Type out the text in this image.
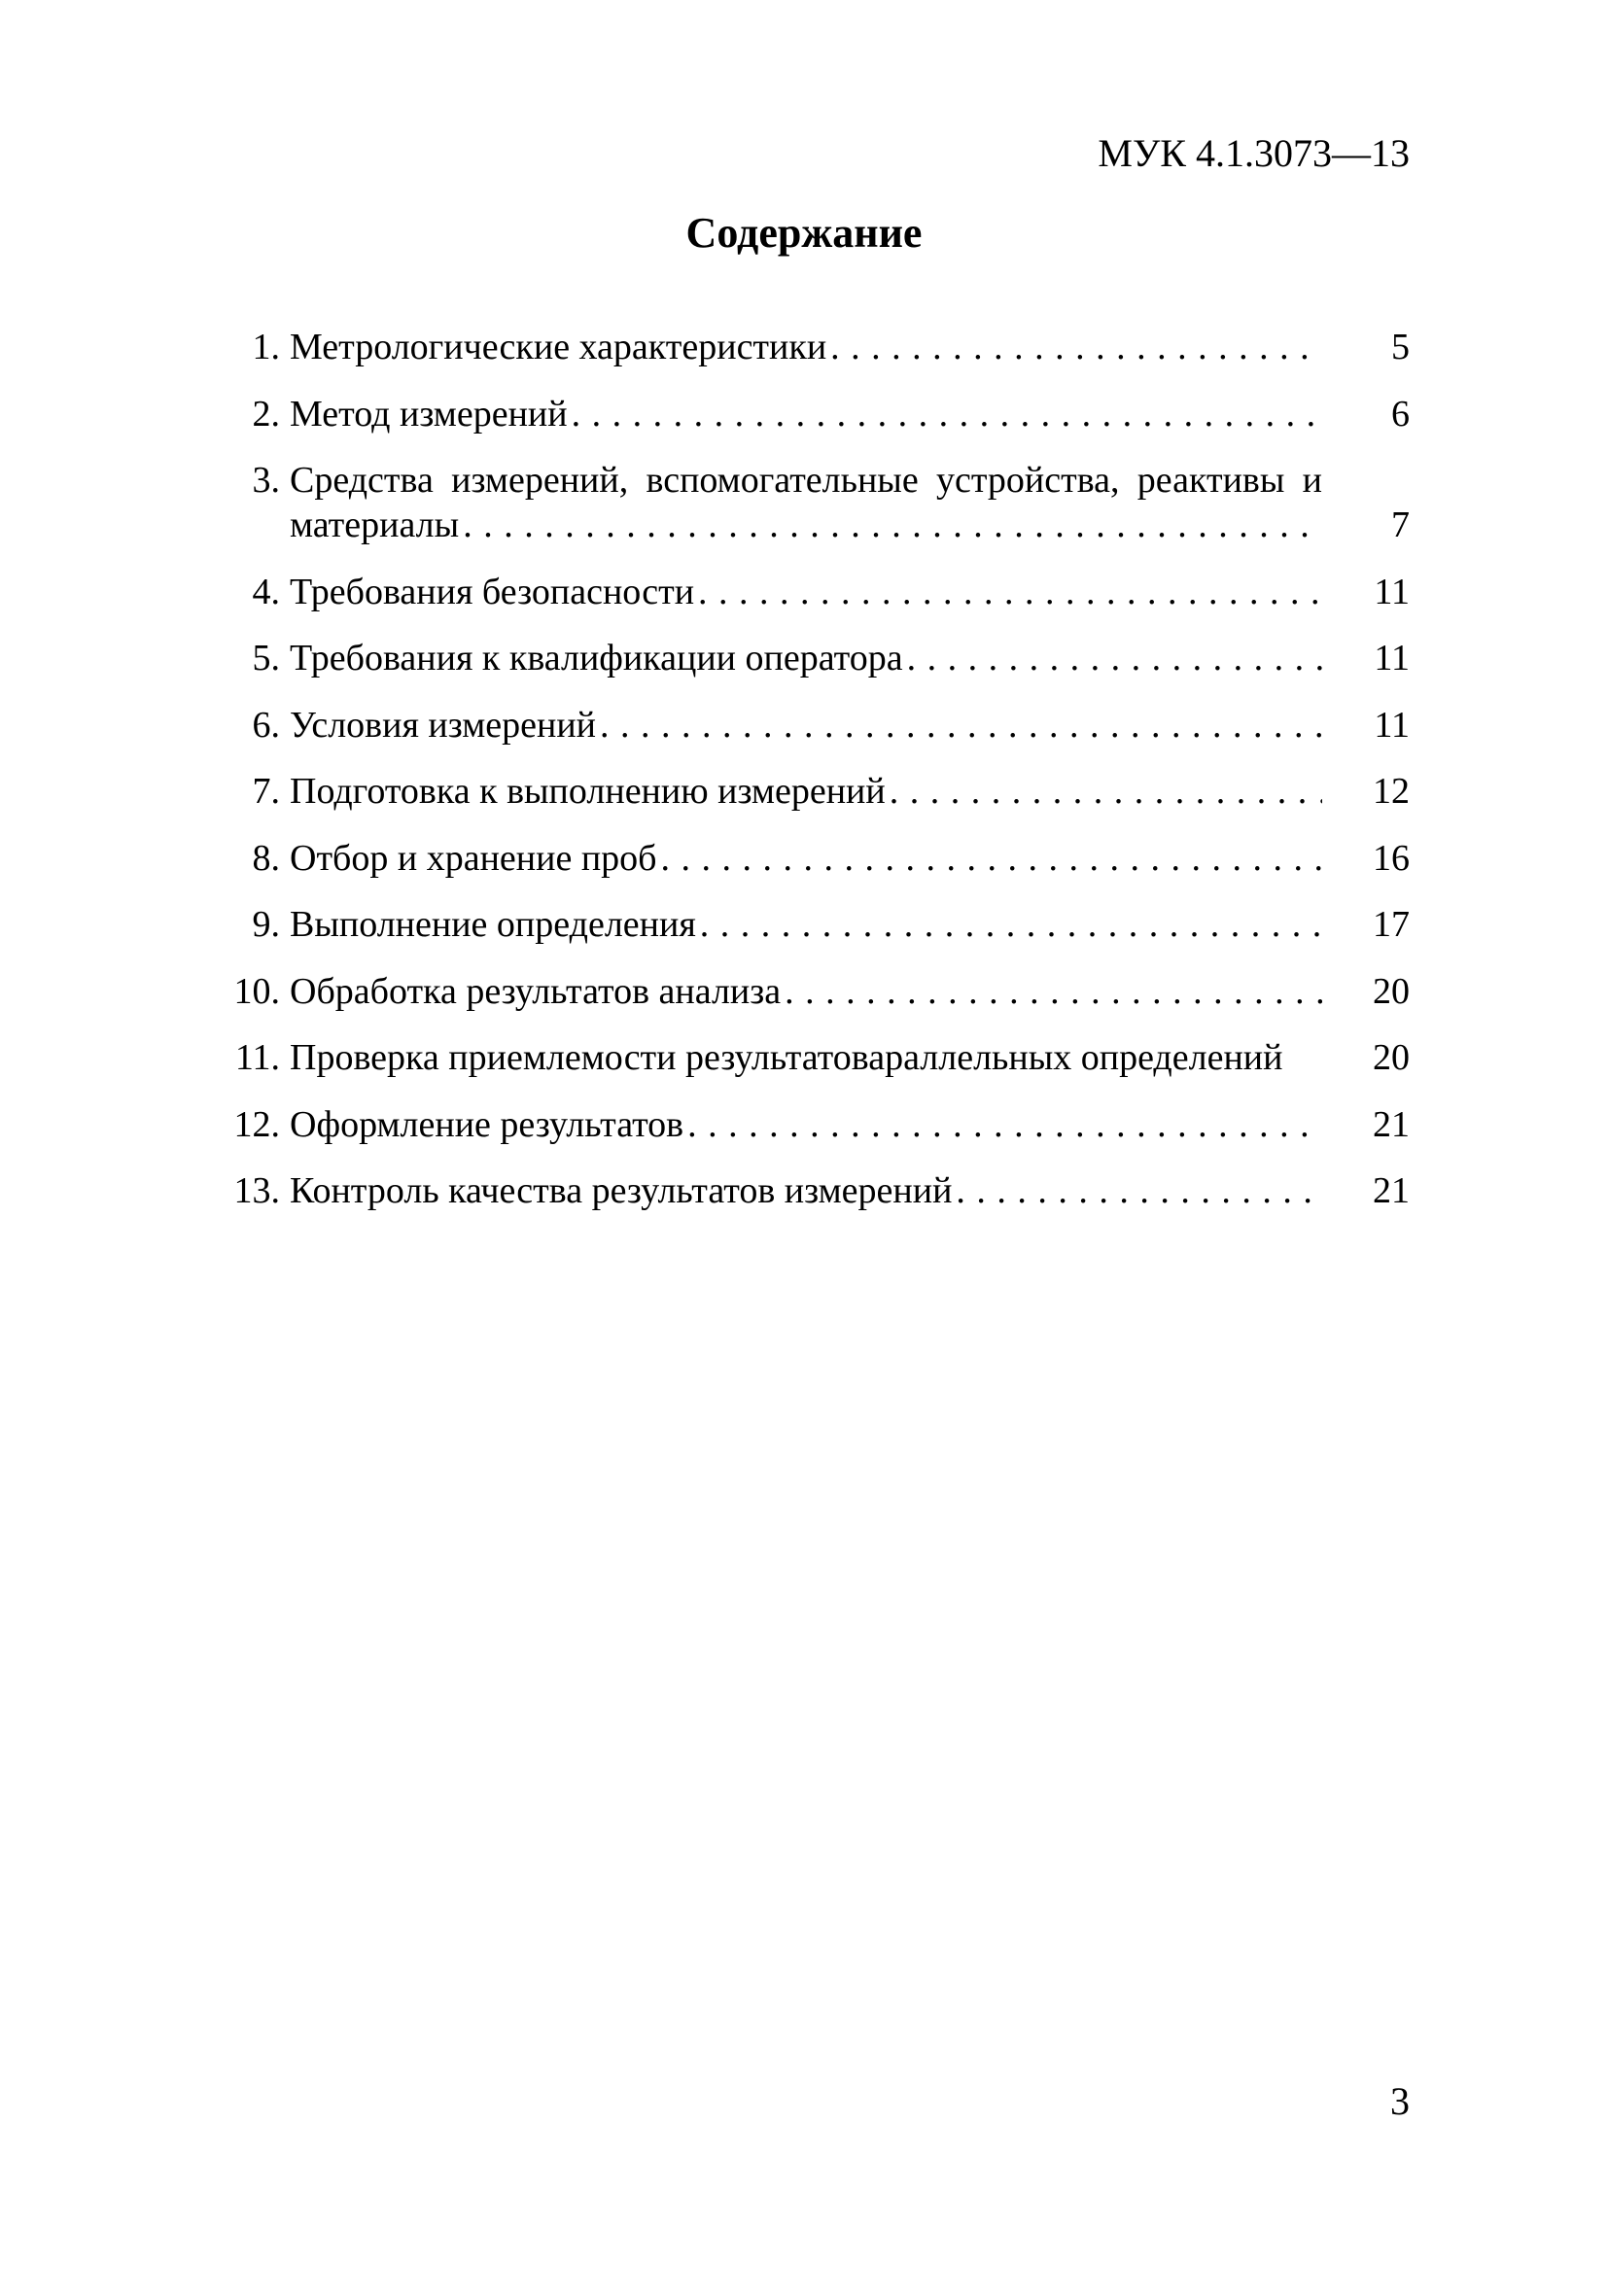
МУК 4.1.3073—13
Содержание
1. Метрологические характеристики .....	5
2. Метод измерений .....	6
3. Средства измерений, вспомогательные устройства, реактивы и
материалы .....	7
4. Требования безопасности .....	11
5. Требования к квалификации оператора .....	11
6. Условия измерений .....	11
7. Подготовка к выполнению измерений .....	12
8. Отбор и хранение проб .....	16
9. Выполнение определения .....	17
10. Обработка результатов анализа .....	20
11. Проверка приемлемости результатовараллельных определений	20
12. Оформление результатов .....	21
13. Контроль качества результатов измерений .....	21
3
